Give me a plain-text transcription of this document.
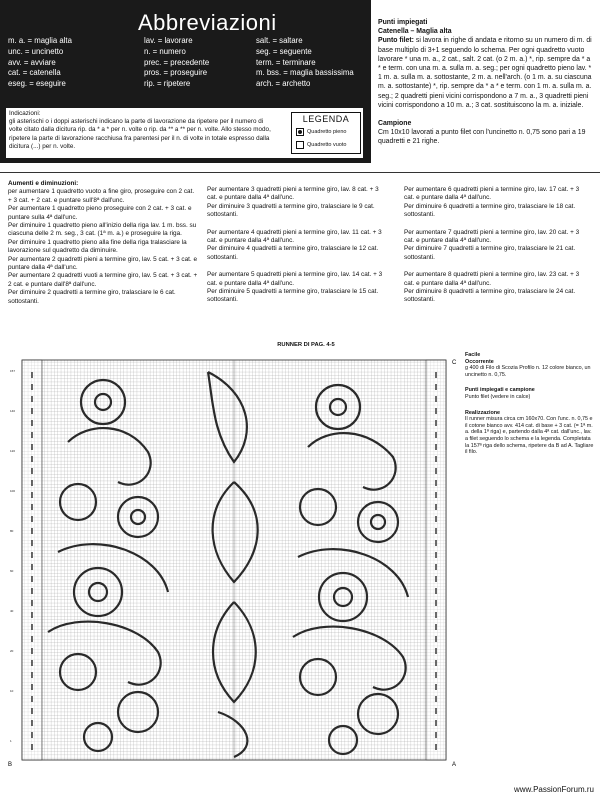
Abbreviazioni
m. a. = maglia alta
unc. = uncinetto
avv. = avviare
cat. = catenella
eseg. = eseguire
lav. = lavorare
n. = numero
prec. = precedente
pros. = proseguire
rip. = ripetere
salt. = saltare
seg. = seguente
term. = terminare
m. bss. = maglia bassissima
arch. = archetto
Indicazioni:
gli asterischi o i doppi asterischi indicano la parte di lavorazione da ripetere per il numero di volte citato dalla dicitura rip. da * a * per n. volte o rip. da ** a ** per n. volte. Allo stesso modo, ripetere la parte di lavorazione racchiusa fra parentesi per il n. di volte in totale espresso dalla dicitura (...) per n. volte.
LEGENDA
Quadretto pieno
Quadretto vuoto

Punti impiegati

Catenella – Maglia alta

Punto filet: si lavora in righe di andata e ritorno su un numero di m. di base multiplo di 3+1 seguendo lo schema. Per ogni quadretto vuoto lavorare * una m. a., 2 cat., salt. 2 cat. (o 2 m. a.) *, rip. sempre da * a * e term. con una m. a. sulla m. a. seg.; per ogni quadretto pieno lav. * 1 m. a. sulla m. a. sottostante, 2 m. a. nell'arch. (o 1 m. a. su ciascuna m. a. sottostante) *, rip. sempre da * a * e term. con 1 m. a. sulla m. a. seg.; 2 quadretti pieni vicini corrispondono a 7 m. a., 3 quadretti pieni vicini corrispondono a 10 m. a.; 3 cat. sostituiscono la m. a. iniziale.

Campione

Cm 10x10 lavorati a punto filet con l'uncinetto n. 0,75 sono pari a 19 quadretti e 21 righe.

Aumenti e diminuzioni:

per aumentare 1 quadretto vuoto a fine giro, proseguire con 2 cat. + 3 cat. + 2 cat. e puntare sull'8ª dall'unc.

Per aumentare 1 quadretto pieno proseguire con 2 cat. + 3 cat. e puntare sulla 4ª dall'unc.

Per diminuire 1 quadretto pieno all'inizio della riga lav. 1 m. bss. su ciascuna delle 2 m. seg., 3 cat. (1ª m. a.) e proseguire la riga.

Per diminuire 1 quadretto pieno alla fine della riga tralasciare la lavorazione sul quadretto da diminuire.

Per aumentare 2 quadretti pieni a termine giro, lav. 5 cat. + 3 cat. e puntare dalla 4ª dall'unc.

Per aumentare 2 quadretti vuoti a termine giro, lav. 5 cat. + 3 cat. + 2 cat. e puntare dall'8ª dall'unc.

Per diminuire 2 quadretti a termine giro, tralasciare le 6 cat. sottostanti.

Per aumentare 3 quadretti pieni a termine giro, lav. 8 cat. + 3 cat. e puntare dalla 4ª dall'unc.

Per diminuire 3 quadretti a termine giro, tralasciare le 9 cat. sottostanti.

Per aumentare 4 quadretti pieni a termine giro, lav. 11 cat. + 3 cat. e puntare dalla 4ª dall'unc.

Per diminuire 4 quadretti a termine giro, tralasciare le 12 cat. sottostanti.

Per aumentare 5 quadretti pieni a termine giro, lav. 14 cat. + 3 cat. e puntare dalla 4ª dall'unc.

Per diminuire 5 quadretti a termine giro, tralasciare le 15 cat. sottostanti.

Per aumentare 6 quadretti pieni a termine giro, lav. 17 cat. + 3 cat. e puntare dalla 4ª dall'unc.

Per diminuire 6 quadretti a termine giro, tralasciare le 18 cat. sottostanti.

Per aumentare 7 quadretti pieni a termine giro, lav. 20 cat. + 3 cat. e puntare dalla 4ª dall'unc.

Per diminuire 7 quadretti a termine giro, tralasciare le 21 cat. sottostanti.

Per aumentare 8 quadretti pieni a termine giro, lav. 23 cat. + 3 cat. e puntare dalla 4ª dall'unc.

Per diminuire 8 quadretti a termine giro, tralasciare le 24 cat. sottostanti.

RUNNER DI PAG. 4-5
157
140
120
100
80
60
40
20
10
1
C
B	A

Facile

Occorrente

g 400 di Filo di Scozia Profilo n. 12 colore bianco, un uncinetto n. 0,75.

Punti impiegati e campione

Punto filet (vedere in calce)

Realizzazione

Il runner misura circa cm 160x70. Con l'unc. n. 0,75 e il cotone bianco avv. 414 cat. di base + 3 cat. (= 1ª m. a. della 1ª riga) e, partendo dalla 4ª cat. dall'unc., lav. a filet seguendo lo schema e la legenda. Completata la 157ª riga dello schema, ripetere da B ad A. Tagliare il filo.

www.PassionForum.ru
